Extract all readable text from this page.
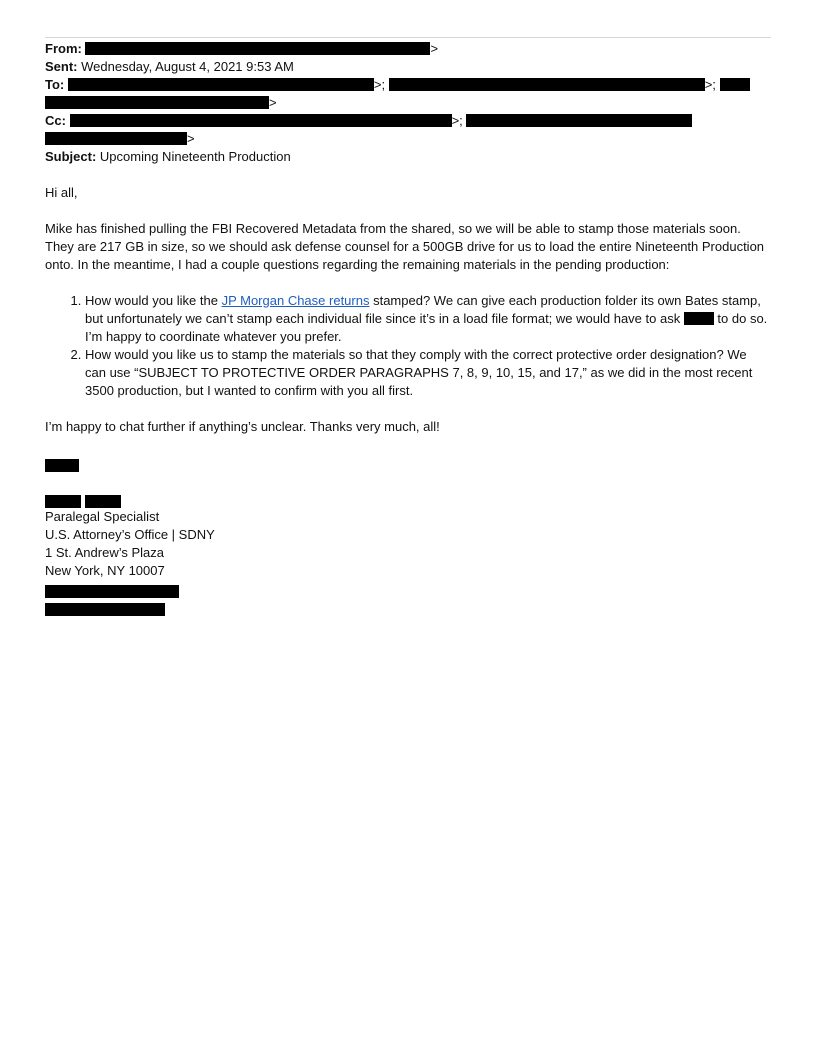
From:	>
Sent: Wednesday, August 4, 2021 9:53 AM
To:	>;	>;
>
Cc:	>;
>
Subject: Upcoming Nineteenth Production
Hi all,
Mike has finished pulling the FBI Recovered Metadata from the shared, so we will be able to stamp those materials soon. They are 217 GB in size, so we should ask defense counsel for a 500GB drive for us to load the entire Nineteenth Production onto. In the meantime, I had a couple questions regarding the remaining materials in the pending production:
1. How would you like the JP Morgan Chase returns stamped? We can give each production folder its own Bates stamp, but unfortunately we can’t stamp each individual file since it’s in a load file format; we would have to ask  to do so. I’m happy to coordinate whatever you prefer.
2. How would you like us to stamp the materials so that they comply with the correct protective order designation? We can use “SUBJECT TO PROTECTIVE ORDER PARAGRAPHS 7, 8, 9, 10, 15, and 17,” as we did in the most recent 3500 production, but I wanted to confirm with you all first.
I’m happy to chat further if anything’s unclear. Thanks very much, all!

Paralegal Specialist
U.S. Attorney’s Office | SDNY
1 St. Andrew’s Plaza
New York, NY 10007
